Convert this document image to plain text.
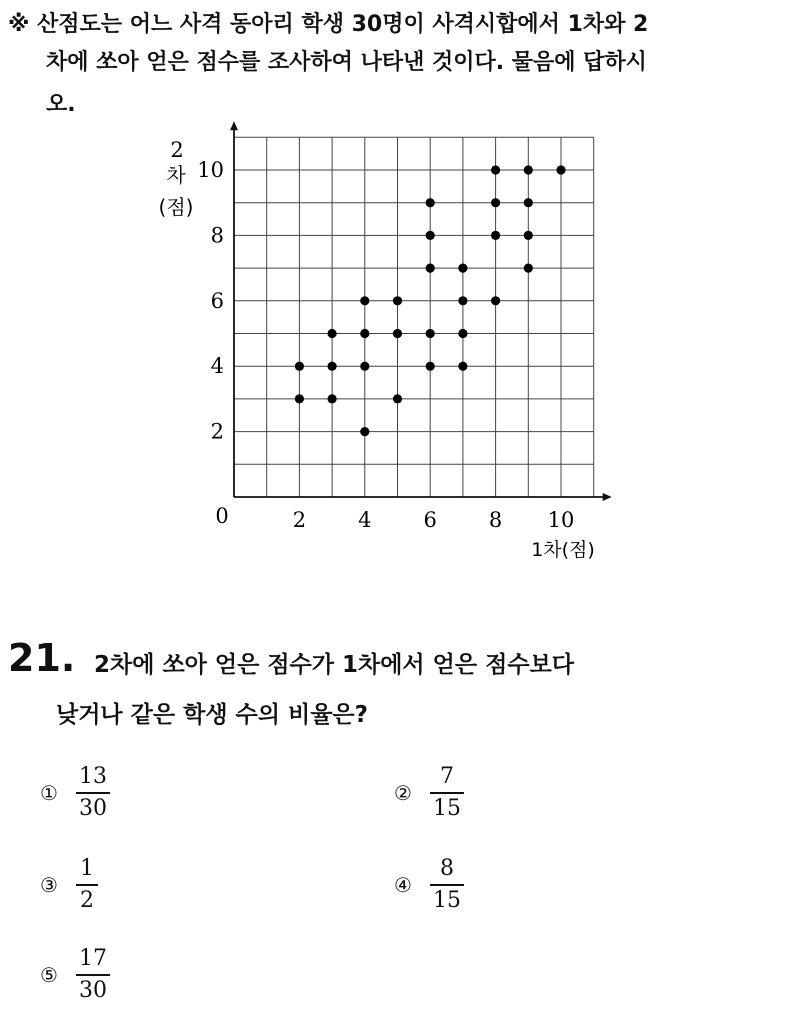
※ 산점도는 어느 사격 동아리 학생 30명이 사격시합에서 1차와 2
차에 쏘아 얻은 점수를 조사하여 나타낸 것이다. 물음에 답하시
오.
2
차
(점)
0
1차(점)
2 4 6 8 10
2
4
6
8
10
21. 2차에 쏘아 얻은 점수가 1차에서 얻은 점수보다
낮거나 같은 학생 수의 비율은?
① $\frac{13}{30}$	② $\frac{7}{15}$
③ $\frac{1}{2}$	④ $\frac{8}{15}$
⑤ $\frac{17}{30}$
